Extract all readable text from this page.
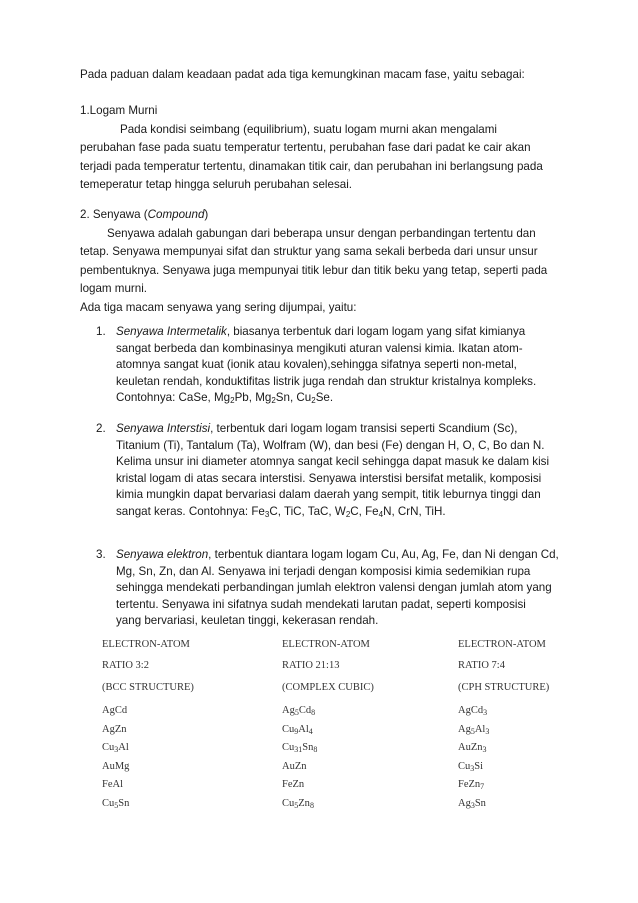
Pada paduan dalam keadaan padat ada tiga kemungkinan macam fase, yaitu sebagai:
1.Logam Murni
Pada kondisi seimbang (equilibrium), suatu logam murni akan mengalami
perubahan fase pada suatu temperatur tertentu, perubahan fase dari padat ke cair akan
terjadi pada temperatur tertentu, dinamakan titik cair, dan perubahan ini berlangsung pada
temeperatur tetap hingga seluruh perubahan selesai.
2. Senyawa (Compound)
Senyawa adalah gabungan dari beberapa unsur dengan perbandingan tertentu dan
tetap. Senyawa mempunyai sifat dan struktur yang sama sekali berbeda dari unsur unsur
pembentuknya. Senyawa juga mempunyai titik lebur dan titik beku yang tetap, seperti pada
logam murni.
Ada tiga macam senyawa yang sering dijumpai, yaitu:
1. Senyawa Intermetalik, biasanya terbentuk dari logam logam yang sifat kimianya
sangat berbeda dan kombinasinya mengikuti aturan valensi kimia. Ikatan atom-
atomnya sangat kuat (ionik atau kovalen),sehingga sifatnya seperti non-metal,
keuletan rendah, konduktifitas listrik juga rendah dan struktur kristalnya kompleks.
Contohnya: CaSe, $Mg_2Pb$, $Mg_2Sn$, $Cu_2Se$.
2. Senyawa Interstisi, terbentuk dari logam logam transisi seperti Scandium (Sc),
Titanium (Ti), Tantalum (Ta), Wolfram (W), dan besi (Fe) dengan H, O, C, Bo dan N.
Kelima unsur ini diameter atomnya sangat kecil sehingga dapat masuk ke dalam kisi
kristal logam di atas secara interstisi. Senyawa interstisi bersifat metalik, komposisi
kimia mungkin dapat bervariasi dalam daerah yang sempit, titik leburnya tinggi dan
sangat keras. Contohnya: $Fe_3C$, TiC, TaC, $W_2C$, $Fe_4N$, CrN, TiH.
3. Senyawa elektron, terbentuk diantara logam logam Cu, Au, Ag, Fe, dan Ni dengan Cd,
Mg, Sn, Zn, dan Al. Senyawa ini terjadi dengan komposisi kimia sedemikian rupa
sehingga mendekati perbandingan jumlah elektron valensi dengan jumlah atom yang
tertentu. Senyawa ini sifatnya sudah mendekati larutan padat, seperti komposisi
yang bervariasi, keuletan tinggi, kekerasan rendah.
ELECTRON-ATOM
RATIO 3:2
(BCC STRUCTURE)
AgCd
AgZn
$Cu_3Al$
AuMg
FeAl
$Cu_5Sn$
ELECTRON-ATOM
RATIO 21:13
(COMPLEX CUBIC)
$Ag_5Cd_8$
$Cu_9Al_4$
$Cu_{31}Sn_8$
AuZn
FeZn
$Cu_5Zn_8$
ELECTRON-ATOM
RATIO 7:4
(CPH STRUCTURE)
AgCd$_3$
$Ag_5Al_3$
AuZn$_3$
$Cu_3Si$
FeZn$_7$
$Ag_3Sn$
